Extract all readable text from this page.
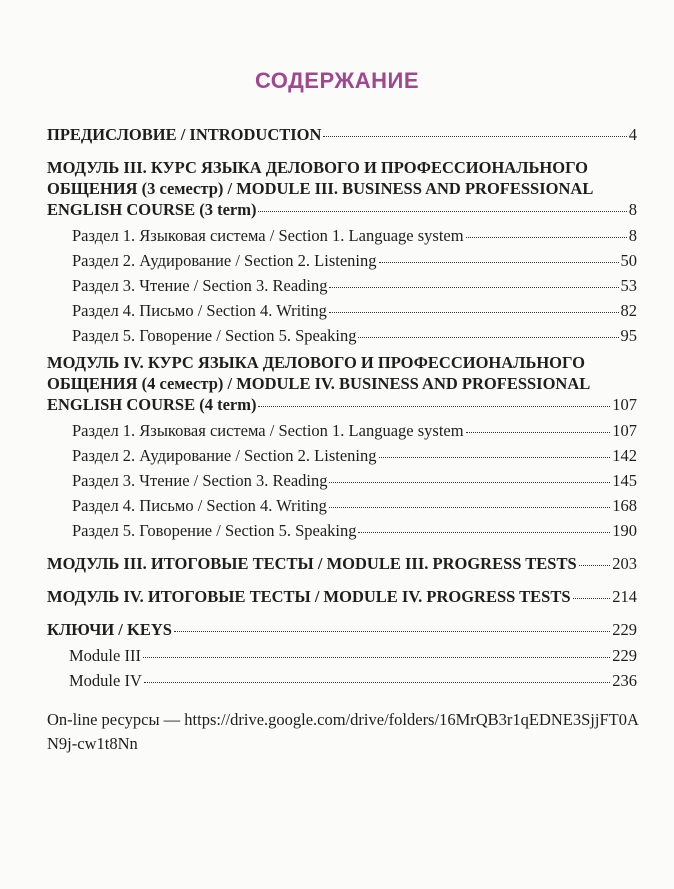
СОДЕРЖАНИЕ
ПРЕДИСЛОВИЕ / INTRODUCTION	4
МОДУЛЬ III. КУРС ЯЗЫКА ДЕЛОВОГО И ПРОФЕССИОНАЛЬНОГО
ОБЩЕНИЯ (3 семестр) / MODULE III. BUSINESS AND PROFESSIONAL
ENGLISH COURSE (3 term)	8
Раздел 1. Языковая система / Section 1. Language system	8
Раздел 2. Аудирование / Section 2. Listening	50
Раздел 3. Чтение / Section 3. Reading	53
Раздел 4. Письмо / Section 4. Writing	82
Раздел 5. Говорение / Section 5. Speaking	95
МОДУЛЬ IV. КУРС ЯЗЫКА ДЕЛОВОГО И ПРОФЕССИОНАЛЬНОГО
ОБЩЕНИЯ (4 семестр) / MODULE IV. BUSINESS AND PROFESSIONAL
ENGLISH COURSE (4 term)	107
Раздел 1. Языковая система / Section 1. Language system	107
Раздел 2. Аудирование / Section 2. Listening	142
Раздел 3. Чтение / Section 3. Reading	145
Раздел 4. Письмо / Section 4. Writing	168
Раздел 5. Говорение / Section 5. Speaking	190
МОДУЛЬ III. ИТОГОВЫЕ ТЕСТЫ / MODULE III. PROGRESS TESTS 203
МОДУЛЬ IV. ИТОГОВЫЕ ТЕСТЫ / MODULE IV. PROGRESS TESTS	214
КЛЮЧИ / KEYS	229
Module III	229
Module IV	236
On-line ресурсы — https://drive.google.com/drive/folders/16MrQB3r1qEDNE3SjjFT0AN9j-cw1t8Nn
